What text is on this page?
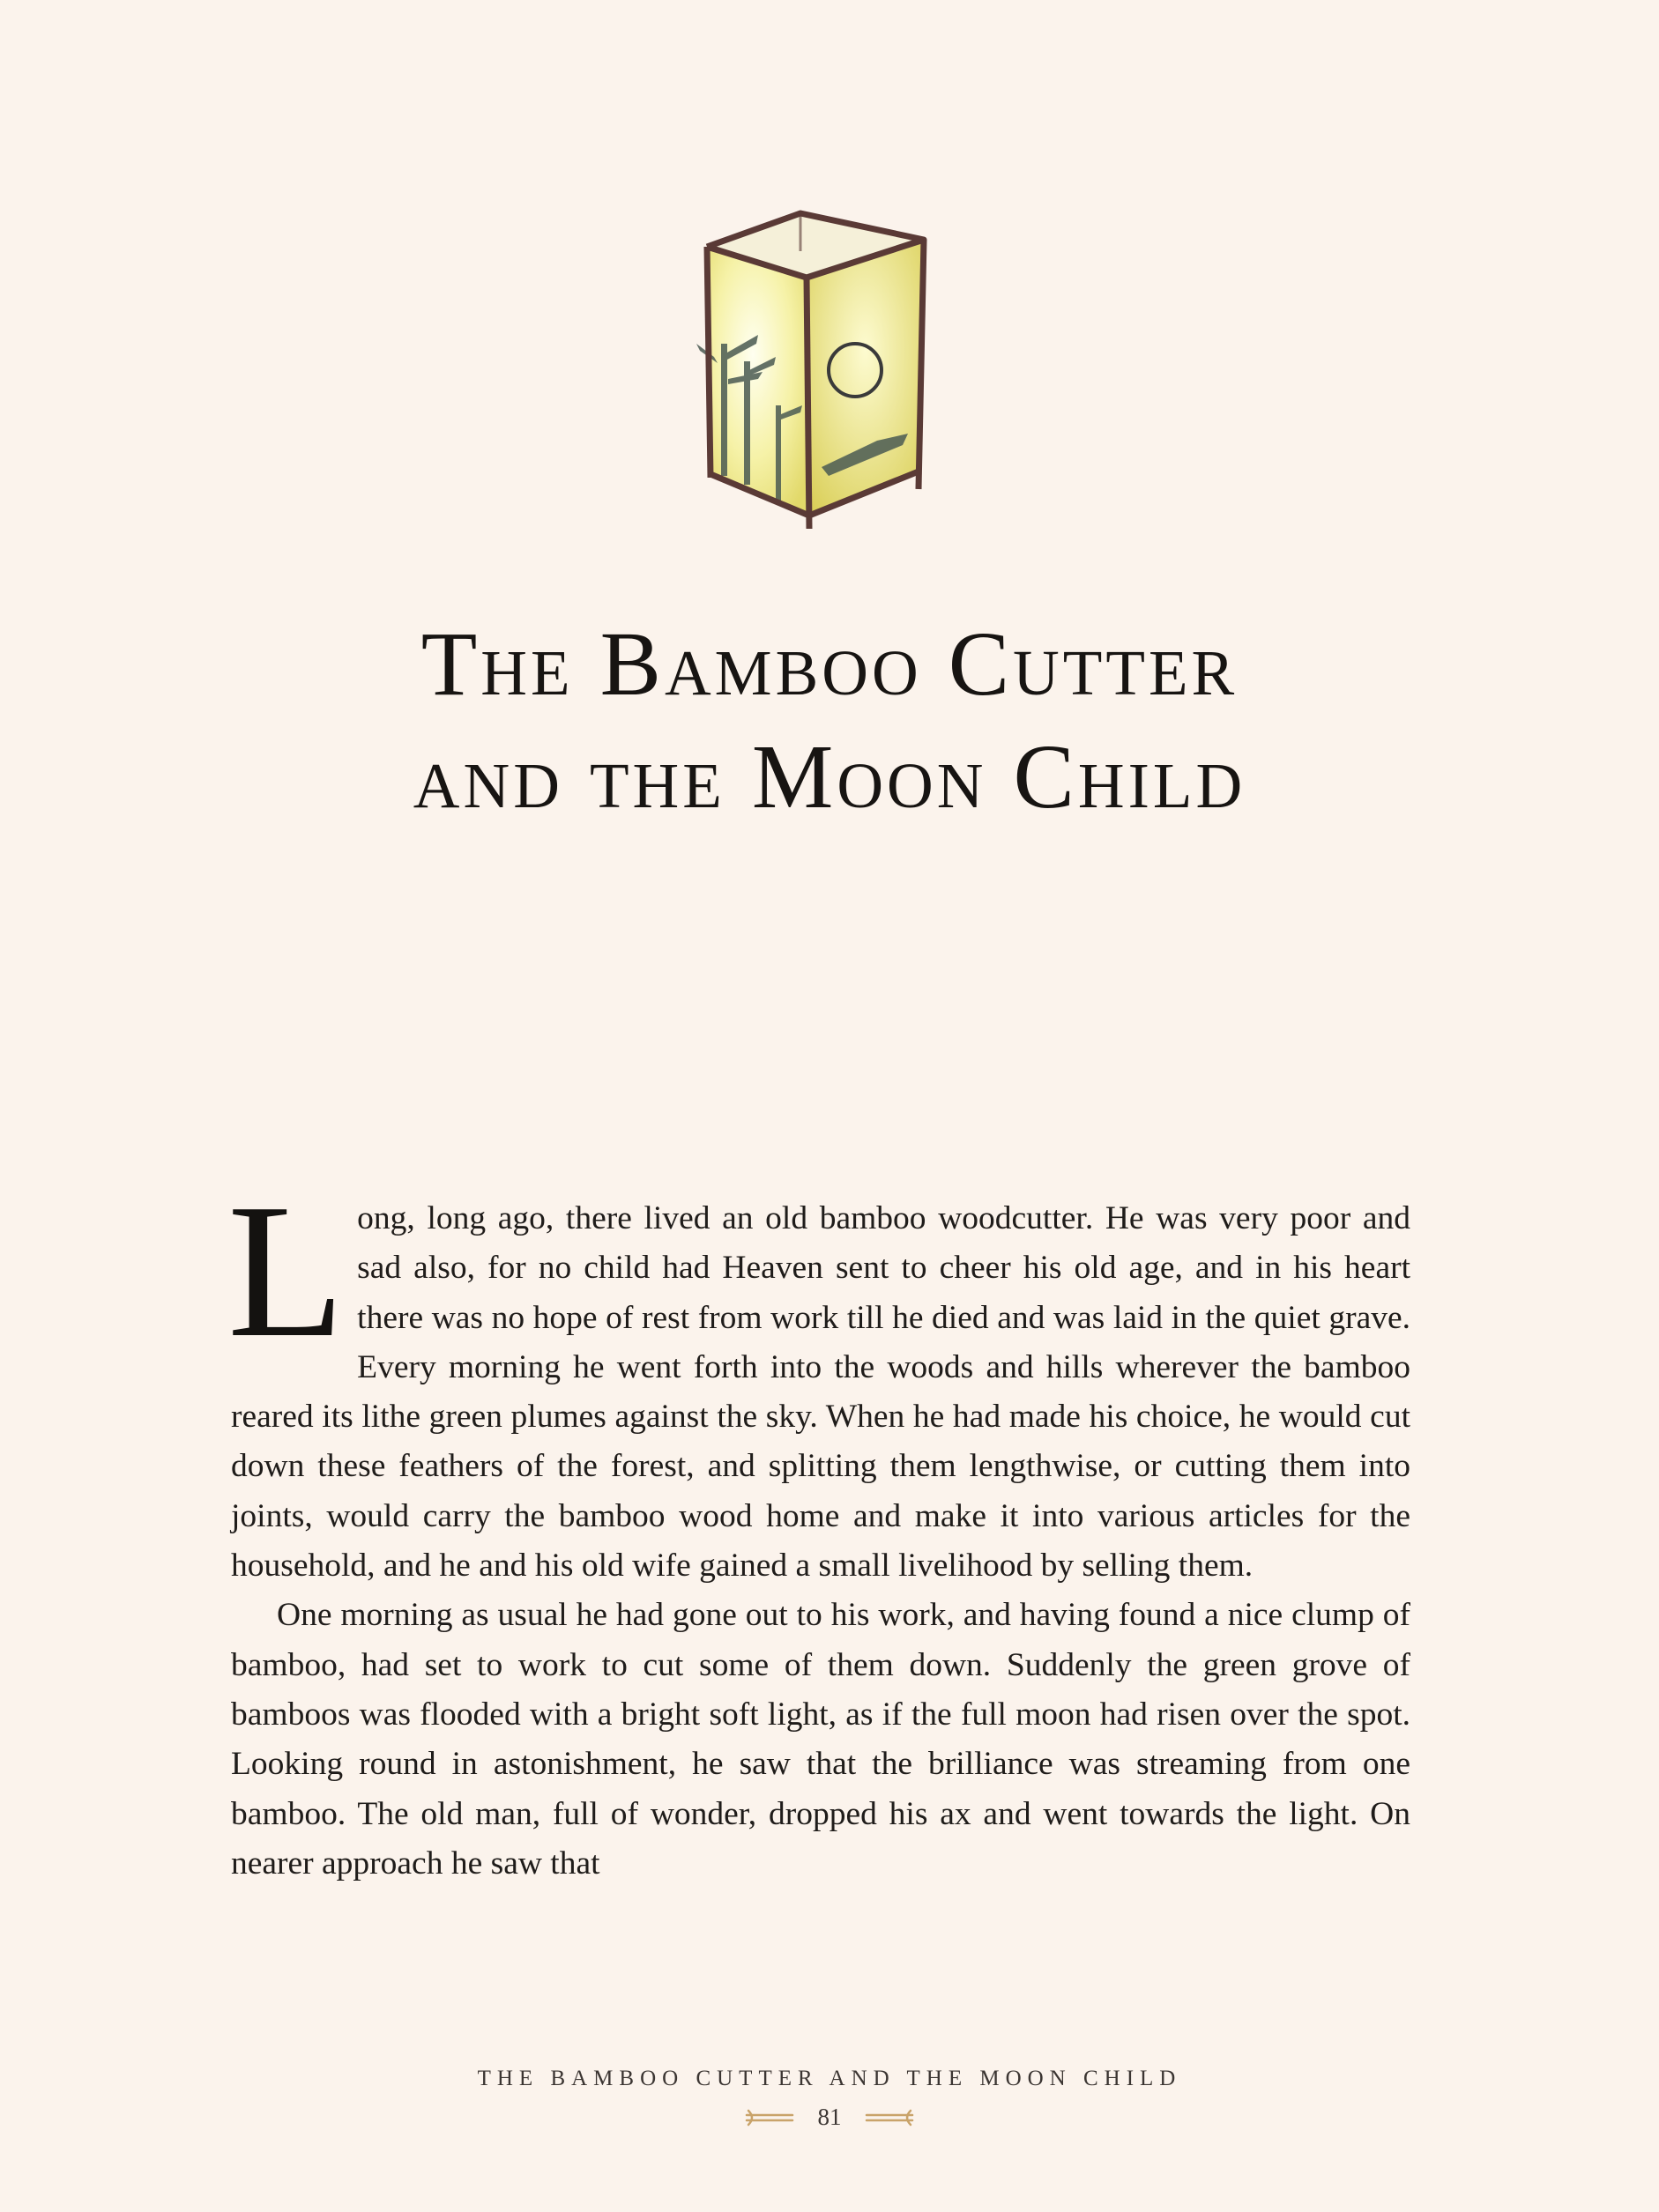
The Bamboo Cutter
and the Moon Child

Long, long ago, there lived an old bamboo woodcutter. He was very poor and sad also, for no child had Heaven sent to cheer his old age, and in his heart there was no hope of rest from work till he died and was laid in the quiet grave. Every morning he went forth into the woods and hills wherever the bamboo reared its lithe green plumes against the sky. When he had made his choice, he would cut down these feathers of the forest, and splitting them lengthwise, or cutting them into joints, would carry the bamboo wood home and make it into various articles for the household, and he and his old wife gained a small livelihood by selling them.

One morning as usual he had gone out to his work, and having found a nice clump of bamboo, had set to work to cut some of them down. Suddenly the green grove of bamboos was flooded with a bright soft light, as if the full moon had risen over the spot. Looking round in astonishment, he saw that the brilliance was streaming from one bamboo. The old man, full of wonder, dropped his ax and went towards the light. On nearer approach he saw that

THE BAMBOO CUTTER AND THE MOON CHILD
81
